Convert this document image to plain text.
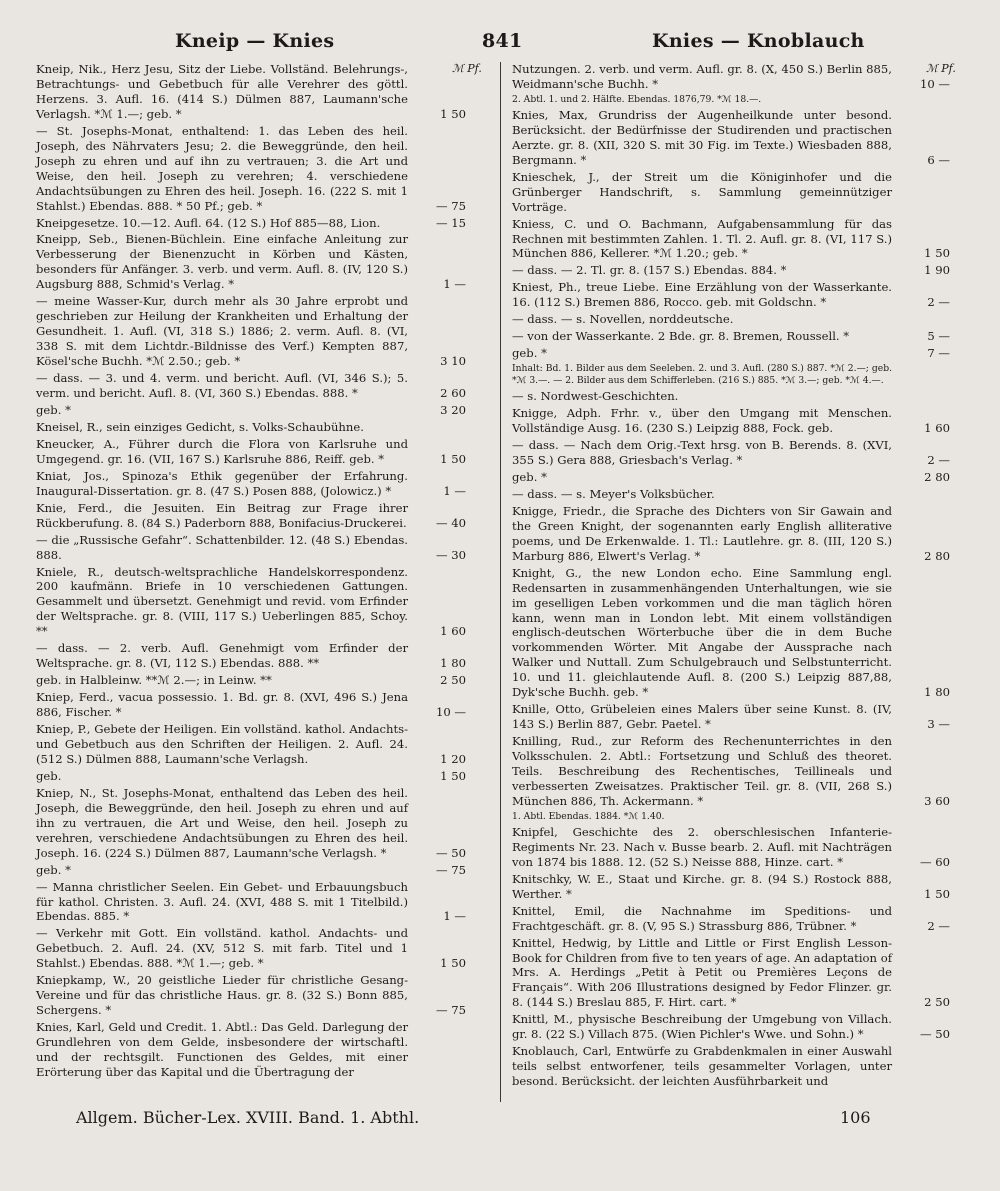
Kneip — Knies	841	Knies — Knoblauch
ℳ Pf.	ℳ Pf.
Kneip, Nik., Herz Jesu, Sitz der Liebe. Vollständ. Belehrungs-, Betrachtungs- und Gebetbuch für alle Verehrer des göttl. Herzens. 3. Aufl. 16. (414 S.) Dülmen 887, Laumann'sche Verlagsh. *ℳ 1.—; geb. *	1 50
— St. Josephs-Monat, enthaltend: 1. das Leben des heil. Joseph, des Nährvaters Jesu; 2. die Beweggründe, den heil. Joseph zu ehren und auf ihn zu vertrauen; 3. die Art und Weise, den heil. Joseph zu verehren; 4. verschiedene Andachtsübungen zu Ehren des heil. Joseph. 16. (222 S. mit 1 Stahlst.) Ebendas. 888. * 50 Pf.; geb. *	— 75
Kneipgesetze. 10.—12. Aufl. 64. (12 S.) Hof 885—88, Lion.	— 15
Kneipp, Seb., Bienen-Büchlein. Eine einfache Anleitung zur Verbesserung der Bienenzucht in Körben und Kästen, besonders für Anfänger. 3. verb. und verm. Aufl. 8. (IV, 120 S.) Augsburg 888, Schmid's Verlag. *	1 —
— meine Wasser-Kur, durch mehr als 30 Jahre erprobt und geschrieben zur Heilung der Krankheiten und Erhaltung der Gesundheit. 1. Aufl. (VI, 318 S.) 1886; 2. verm. Aufl. 8. (VI, 338 S. mit dem Lichtdr.-Bildnisse des Verf.) Kempten 887, Kösel'sche Buchh. *ℳ 2.50.; geb. *	3 10
— dass. — 3. und 4. verm. und bericht. Aufl. (VI, 346 S.); 5. verm. und bericht. Aufl. 8. (VI, 360 S.) Ebendas. 888. *	2 60
geb. *	3 20
Kneisel, R., sein einziges Gedicht, s. Volks-Schaubühne.
Kneucker, A., Führer durch die Flora von Karlsruhe und Umgegend. gr. 16. (VII, 167 S.) Karlsruhe 886, Reiff. geb. *	1 50
Kniat, Jos., Spinoza's Ethik gegenüber der Erfahrung. Inaugural-Dissertation. gr. 8. (47 S.) Posen 888, (Jolowicz.) *	1 —
Knie, Ferd., die Jesuiten. Ein Beitrag zur Frage ihrer Rückberufung. 8. (84 S.) Paderborn 888, Bonifacius-Druckerei.	— 40
— die „Russische Gefahr“. Schattenbilder. 12. (48 S.) Ebendas. 888.	— 30
Kniele, R., deutsch-weltsprachliche Handelskorrespondenz. 200 kaufmänn. Briefe in 10 verschiedenen Gattungen. Gesammelt und übersetzt. Genehmigt und revid. vom Erfinder der Weltsprache. gr. 8. (VIII, 117 S.) Ueberlingen 885, Schoy. **	1 60
— dass. — 2. verb. Aufl. Genehmigt vom Erfinder der Weltsprache. gr. 8. (VI, 112 S.) Ebendas. 888. **	1 80
geb. in Halbleinw. **ℳ 2.—; in Leinw. **	2 50
Kniep, Ferd., vacua possessio. 1. Bd. gr. 8. (XVI, 496 S.) Jena 886, Fischer. *	10 —
Kniep, P., Gebete der Heiligen. Ein vollständ. kathol. Andachts- und Gebetbuch aus den Schriften der Heiligen. 2. Aufl. 24. (512 S.) Dülmen 888, Laumann'sche Verlagsh.	1 20
geb.	1 50
Kniep, N., St. Josephs-Monat, enthaltend das Leben des heil. Joseph, die Beweggründe, den heil. Joseph zu ehren und auf ihn zu vertrauen, die Art und Weise, den heil. Joseph zu verehren, verschiedene Andachtsübungen zu Ehren des heil. Joseph. 16. (224 S.) Dülmen 887, Laumann'sche Verlagsh. *	— 50
geb. *	— 75
— Manna christlicher Seelen. Ein Gebet- und Erbauungsbuch für kathol. Christen. 3. Aufl. 24. (XVI, 488 S. mit 1 Titelbild.) Ebendas. 885. *	1 —
— Verkehr mit Gott. Ein vollständ. kathol. Andachts- und Gebetbuch. 2. Aufl. 24. (XV, 512 S. mit farb. Titel und 1 Stahlst.) Ebendas. 888. *ℳ 1.—; geb. *	1 50
Kniepkamp, W., 20 geistliche Lieder für christliche Gesang-Vereine und für das christliche Haus. gr. 8. (32 S.) Bonn 885, Schergens. *	— 75
Knies, Karl, Geld und Credit. 1. Abtl.: Das Geld. Darlegung der Grundlehren von dem Gelde, insbesondere der wirtschaftl. und der rechtsgilt. Functionen des Geldes, mit einer Erörterung über das Kapital und die Übertragung der
Nutzungen. 2. verb. und verm. Aufl. gr. 8. (X, 450 S.) Berlin 885, Weidmann'sche Buchh. *	10 —
2. Abtl. 1. und 2. Hälfte. Ebendas. 1876,79. *ℳ 18.—.
Knies, Max, Grundriss der Augenheilkunde unter besond. Berücksicht. der Bedürfnisse der Studirenden und practischen Aerzte. gr. 8. (XII, 320 S. mit 30 Fig. im Texte.) Wiesbaden 888, Bergmann. *	6 —
Knieschek, J., der Streit um die Königinhofer und die Grünberger Handschrift, s. Sammlung gemeinnütziger Vorträge.
Kniess, C. und O. Bachmann, Aufgabensammlung für das Rechnen mit bestimmten Zahlen. 1. Tl. 2. Aufl. gr. 8. (VI, 117 S.) München 886, Kellerer. *ℳ 1.20.; geb. *	1 50
— dass. — 2. Tl. gr. 8. (157 S.) Ebendas. 884. *	1 90
Kniest, Ph., treue Liebe. Eine Erzählung von der Wasserkante. 16. (112 S.) Bremen 886, Rocco. geb. mit Goldschn. *	2 —
— dass. — s. Novellen, norddeutsche.
— von der Wasserkante. 2 Bde. gr. 8. Bremen, Roussell. *	5 —
geb. *	7 —
Inhalt: Bd. 1. Bilder aus dem Seeleben. 2. und 3. Aufl. (280 S.) 887. *ℳ 2.—; geb. *ℳ 3.—. — 2. Bilder aus dem Schifferleben. (216 S.) 885. *ℳ 3.—; geb. *ℳ 4.—.
— s. Nordwest-Geschichten.
Knigge, Adph. Frhr. v., über den Umgang mit Menschen. Vollständige Ausg. 16. (230 S.) Leipzig 888, Fock. geb.	1 60
— dass. — Nach dem Orig.-Text hrsg. von B. Berends. 8. (XVI, 355 S.) Gera 888, Griesbach's Verlag. *	2 —
geb. *	2 80
— dass. — s. Meyer's Volksbücher.
Knigge, Friedr., die Sprache des Dichters von Sir Gawain and the Green Knight, der sogenannten early English alliterative poems, und De Erkenwalde. 1. Tl.: Lautlehre. gr. 8. (III, 120 S.) Marburg 886, Elwert's Verlag. *	2 80
Knight, G., the new London echo. Eine Sammlung engl. Redensarten in zusammenhängenden Unterhaltungen, wie sie im geselligen Leben vorkommen und die man täglich hören kann, wenn man in London lebt. Mit einem vollständigen englisch-deutschen Wörterbuche über die in dem Buche vorkommenden Wörter. Mit Angabe der Aussprache nach Walker und Nuttall. Zum Schulgebrauch und Selbstunterricht. 10. und 11. gleichlautende Aufl. 8. (200 S.) Leipzig 887,88, Dyk'sche Buchh. geb. *	1 80
Knille, Otto, Grübeleien eines Malers über seine Kunst. 8. (IV, 143 S.) Berlin 887, Gebr. Paetel. *	3 —
Knilling, Rud., zur Reform des Rechenunterrichtes in den Volksschulen. 2. Abtl.: Fortsetzung und Schluß des theoret. Teils. Beschreibung des Rechentisches, Teillineals und verbesserten Zweisatzes. Praktischer Teil. gr. 8. (VII, 268 S.) München 886, Th. Ackermann. *	3 60
1. Abtl. Ebendas. 1884. *ℳ 1.40.
Knipfel, Geschichte des 2. oberschlesischen Infanterie-Regiments Nr. 23. Nach v. Busse bearb. 2. Aufl. mit Nachträgen von 1874 bis 1888. 12. (52 S.) Neisse 888, Hinze. cart. *	— 60
Knitschky, W. E., Staat und Kirche. gr. 8. (94 S.) Rostock 888, Werther. *	1 50
Knittel, Emil, die Nachnahme im Speditions- und Frachtgeschäft. gr. 8. (V, 95 S.) Strassburg 886, Trübner. *	2 —
Knittel, Hedwig, by Little and Little or First English Lesson-Book for Children from five to ten years of age. An adaptation of Mrs. A. Herdings „Petit à Petit ou Premières Leçons de Français“. With 206 Illustrations designed by Fedor Flinzer. gr. 8. (144 S.) Breslau 885, F. Hirt. cart. *	2 50
Knittl, M., physische Beschreibung der Umgebung von Villach. gr. 8. (22 S.) Villach 875. (Wien Pichler's Wwe. und Sohn.) *	— 50
Knoblauch, Carl, Entwürfe zu Grabdenkmalen in einer Auswahl teils selbst entworfener, teils gesammelter Vorlagen, unter besond. Berücksicht. der leichten Ausführbarkeit und
Allgem. Bücher-Lex. XVIII. Band. 1. Abthl.	106
